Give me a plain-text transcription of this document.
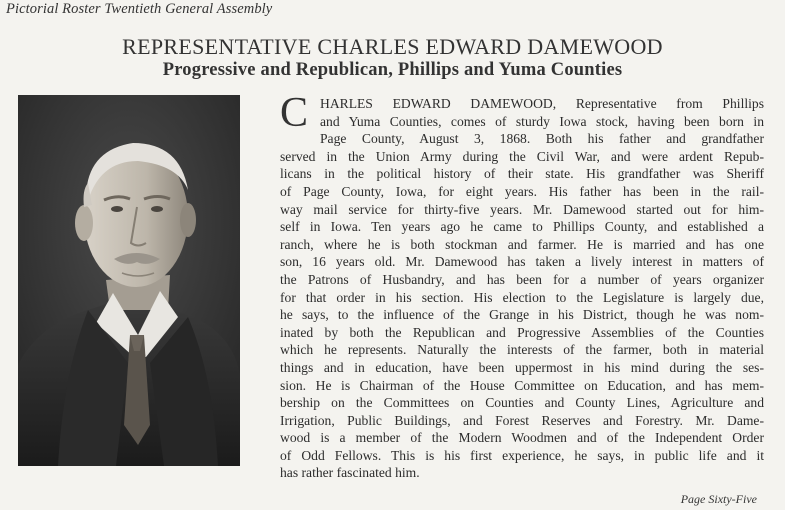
Pictorial Roster Twentieth General Assembly
REPRESENTATIVE CHARLES EDWARD DAMEWOOD
Progressive and Republican, Phillips and Yuma Counties
C HARLES EDWARD DAMEWOOD, Representative from Phillips
and Yuma Counties, comes of sturdy Iowa stock, having been born in
Page County, August 3, 1868. Both his father and grandfather
served in the Union Army during the Civil War, and were ardent Repub-
licans in the political history of their state. His grandfather was Sheriff
of Page County, Iowa, for eight years. His father has been in the rail-
way mail service for thirty-five years. Mr. Damewood started out for him-
self in Iowa. Ten years ago he came to Phillips County, and established a
ranch, where he is both stockman and farmer. He is married and has one
son, 16 years old. Mr. Damewood has taken a lively interest in matters of
the Patrons of Husbandry, and has been for a number of years organizer
for that order in his section. His election to the Legislature is largely due,
he says, to the influence of the Grange in his District, though he was nom-
inated by both the Republican and Progressive Assemblies of the Counties
which he represents. Naturally the interests of the farmer, both in material
things and in education, have been uppermost in his mind during the ses-
sion. He is Chairman of the House Committee on Education, and has mem-
bership on the Committees on Counties and County Lines, Agriculture and
Irrigation, Public Buildings, and Forest Reserves and Forestry. Mr. Dame-
wood is a member of the Modern Woodmen and of the Independent Order
of Odd Fellows. This is his first experience, he says, in public life and it
has rather fascinated him.
Page Sixty-Five
